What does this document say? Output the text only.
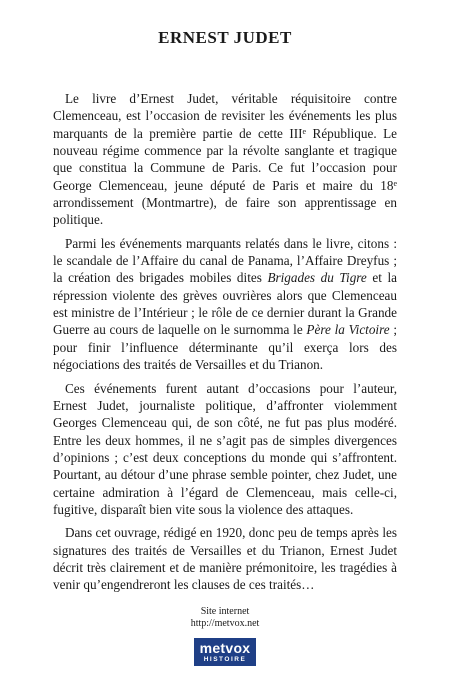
ERNEST JUDET

Le livre d’Ernest Judet, véritable réquisitoire contre Clemenceau, est l’occasion de revisiter les événements les plus marquants de la première partie de cette IIIe République. Le nouveau régime commence par la révolte sanglante et tragique que constitua la Commune de Paris. Ce fut l’occasion pour George Clemenceau, jeune député de Paris et maire du 18e arrondissement (Montmartre), de faire son apprentissage en politique.

Parmi les événements marquants relatés dans le livre, citons : le scandale de l’Affaire du canal de Panama, l’Affaire Dreyfus ; la création des brigades mobiles dites Brigades du Tigre et la répression violente des grèves ouvrières alors que Clemenceau est ministre de l’Intérieur ; le rôle de ce dernier durant la Grande Guerre au cours de laquelle on le surnomma le Père la Victoire ; pour finir l’influence déterminante qu’il exerça lors des négociations des traités de Versailles et du Trianon.

Ces événements furent autant d’occasions pour l’auteur, Ernest Judet, journaliste politique, d’affronter violemment Georges Clemenceau qui, de son côté, ne fut pas plus modéré. Entre les deux hommes, il ne s’agit pas de simples divergences d’opinions ; c’est deux conceptions du monde qui s’affrontent. Pourtant, au détour d’une phrase semble pointer, chez Judet, une certaine admiration à l’égard de Clemenceau, mais celle-ci, fugitive, disparaît bien vite sous la violence des attaques.

Dans cet ouvrage, rédigé en 1920, donc peu de temps après les signatures des traités de Versailles et du Trianon, Ernest Judet décrit très clairement et de manière prémonitoire, les tragédies à venir qu’engendreront les clauses de ces traités…

Site internet
http://metvox.net
metvox
HISTOIRE
